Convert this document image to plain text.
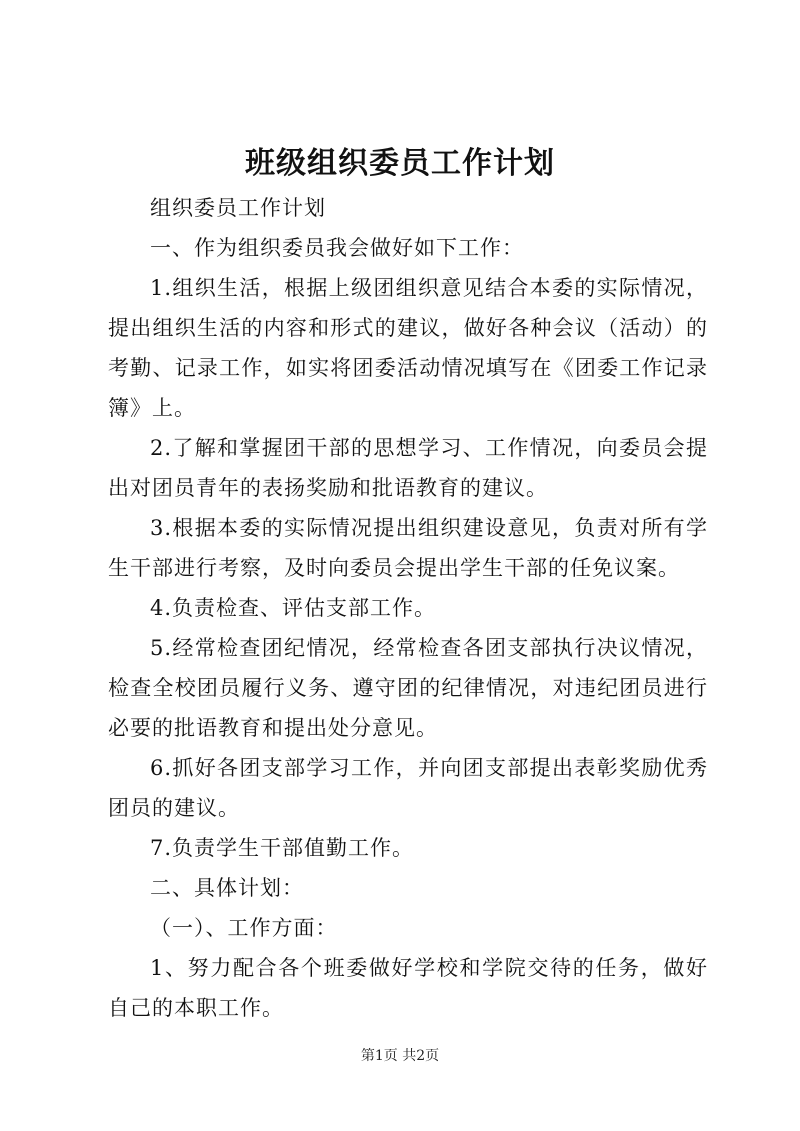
班级组织委员工作计划

组织委员工作计划

一、作为组织委员我会做好如下工作：

1.组织生活，根据上级团组织意见结合本委的实际情况，提出组织生活的内容和形式的建议，做好各种会议（活动）的考勤、记录工作，如实将团委活动情况填写在《团委工作记录簿》上。

2.了解和掌握团干部的思想学习、工作情况，向委员会提出对团员青年的表扬奖励和批语教育的建议。

3.根据本委的实际情况提出组织建设意见，负责对所有学生干部进行考察，及时向委员会提出学生干部的任免议案。

4.负责检查、评估支部工作。

5.经常检查团纪情况，经常检查各团支部执行决议情况，检查全校团员履行义务、遵守团的纪律情况，对违纪团员进行必要的批语教育和提出处分意见。

6.抓好各团支部学习工作，并向团支部提出表彰奖励优秀团员的建议。

7.负责学生干部值勤工作。

二、具体计划：

（一）、工作方面：

1、努力配合各个班委做好学校和学院交待的任务，做好自己的本职工作。

第1页 共2页
